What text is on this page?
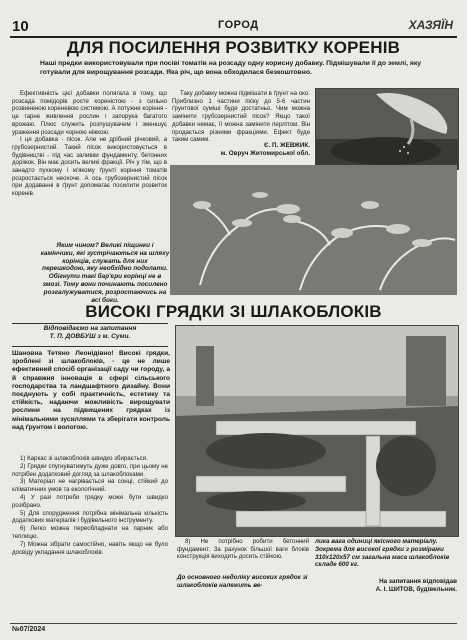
10	ГОРОД	ХАЗЯЇН
ДЛЯ ПОСИЛЕННЯ РОЗВИТКУ КОРЕНІВ
Наші предки використовували при посіві томатів на розсаду одну корисну добавку. Підмішували її до землі, яку готували для вирощування розсади. Яка річ, що вона обходилася безкоштовно.

Ефективність цієї добавки полягала в тому, що розсада помідорів росте кореністою - з сильно розвиненою кореневою системою. А потужне коріння - це гарне живлення рослин і запорука багатого врожаю. Плюс служить розпушувачем і зменшує ураження розсади чорною ніжкою.

І ця добавка - пісок. Але не дрібний річковий, а грубозернистий. Такий пісок використовується в будівництві - під час заливки фундаменту, бетонних доріжок. Він має досить великі фракції. Річ у тім, що в занадто пухкому і м'якому ґрунті коріння томатів розростається неохоче. А ось грубозернистий пісок при додаванні в ґрунт допомагає посилити розвиток коренів.

Таку добавку можна підмішати в ґрунт на око. Приблизно 1 частини піску до 5-6 частин ґрунтової суміші буде достатньо. Чим можна замінити грубозернистий пісок? Якщо такої добавки немає, її можна замінити перлітом. Він продається різними фракціями. Ефект буде таким самим.

Є. П. ЖЕВЖИК.
м. Овруч Житомирської обл.
Яким чином? Великі піщинки і камінчики, які зустрічаються на шляху корінців, служать для них перешкодою, яку необхідно подолати. Обігнути такі бар'єри корінці не в змозі. Тому вони починають посилено розгалужуватися, розростаючись на всі боки.
ВИСОКІ ГРЯДКИ ЗІ ШЛАКОБЛОКІВ
Відповідаємо на запитання
Т. П. ДОВБУШ з м. Суми.
Шановна Тетяно Леонідівно! Високі грядки, зроблені зі шлакоблоків, - це не лише ефективний спосіб організації саду чи городу, а й справжня інновація в сфері сільського господарства та ландшафтного дизайну. Вони поєднують у собі практичність, естетику та стійкість, надаючи можливість вирощувати рослини на підвищених грядках із мінімальними зусиллями та зберігати контроль над ґрунтом і вологою.

1) Каркас зі шлакоблоків швидко збирається.

2) Грядки спугнуватимуть дуже довго, при цьому не потрібен додатковий догляд за шлакоблоками.

3) Матеріал не нагрівається на сонці, стійкий до кліматичних умов та екологічний.

4) У разі потреби грядку може бути швидко розібрано.

5) Для спорудження потрібна мінімальна кількість додаткових матеріалів і будівельного інструменту.

6) Легко можна переобладнати на парник або теплицю.

7) Можна зібрати самостійно, навіть якщо не було досвіду укладання шлакоблоків.

8) Не потрібно робити бетонний фундамент. За рахунок більшої ваги блоків конструкція виходить досить стійкою.

До основного недоліку високих грядок зі шлакоблоків належить ве-
лика вага одиниці якісного матеріалу. Зокрема для високої грядки з розмірами 310х120х57 см загальна маса шлакоблоків складе 600 кг.
На запитання відповідав
А. І. ШИТОВ, будівельник.
№07/2024
